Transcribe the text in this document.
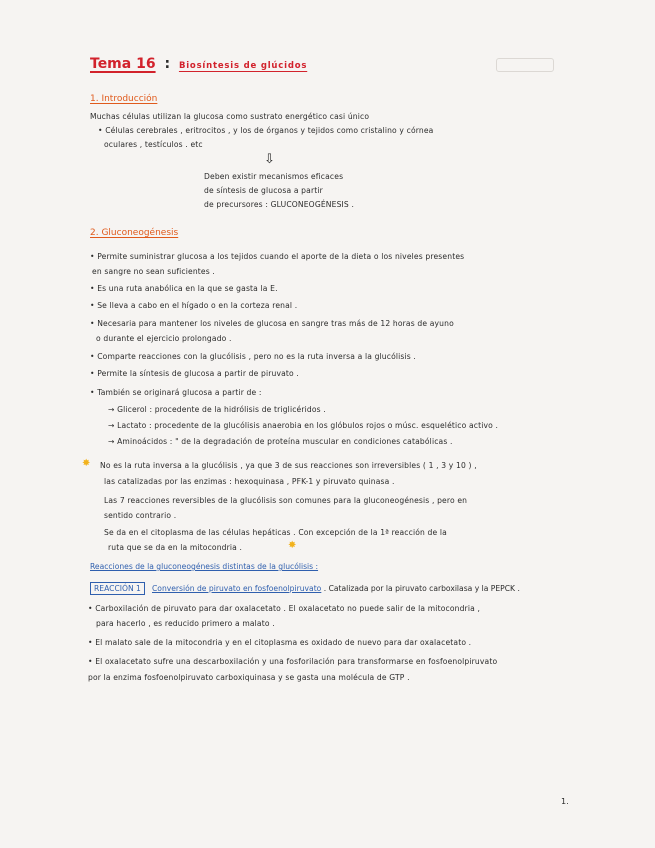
Tema 16 : Biosíntesis de glúcidos
1. Introducción
Muchas células utilizan la glucosa como sustrato energético casi único
• Células cerebrales , eritrocitos , y los de órganos y tejidos como cristalino y córnea
oculares , testículos . etc
⇩
Deben existir mecanismos eficaces
de síntesis de glucosa a partir
de precursores : GLUCONEOGÉNESIS .
2. Gluconeogénesis
• Permite suministrar glucosa a los tejidos cuando el aporte de la dieta o los niveles presentes
en sangre no sean suficientes .
• Es una ruta anabólica en la que se gasta la E.
• Se lleva a cabo en el hígado o en la corteza renal .
• Necesaria para mantener los niveles de glucosa en sangre tras más de 12 horas de ayuno
o durante el ejercicio prolongado .
• Comparte reacciones con la glucólisis , pero no es la ruta inversa a la glucólisis .
• Permite la síntesis de glucosa a partir de piruvato .
• También se originará glucosa a partir de :
→ Glicerol : procedente de la hidrólisis de triglicéridos .
→ Lactato : procedente de la glucólisis anaerobia en los glóbulos rojos o músc. esquelético activo .
→ Aminoácidos : " de la degradación de proteína muscular en condiciones catabólicas .
✸ No es la ruta inversa a la glucólisis , ya que 3 de sus reacciones son irreversibles ( 1 , 3 y 10 ) ,
las catalizadas por las enzimas : hexoquinasa , PFK-1 y piruvato quinasa .
Las 7 reacciones reversibles de la glucólisis son comunes para la gluconeogénesis , pero en
sentido contrario .
Se da en el citoplasma de las células hepáticas . Con excepción de la 1ª reacción de la
ruta que se da en la mitocondria .	✸
Reacciones de la gluconeogénesis distintas de la glucólisis :
REACCIÓN 1	Conversión de piruvato en fosfoenolpiruvato . Catalizada por la piruvato carboxilasa y la PEPCK .
• Carboxilación de piruvato para dar oxalacetato . El oxalacetato no puede salir de la mitocondria ,
para hacerlo , es reducido primero a malato .
• El malato sale de la mitocondria y en el citoplasma es oxidado de nuevo para dar oxalacetato .
• El oxalacetato sufre una descarboxilación y una fosforilación para transformarse en fosfoenolpiruvato
por la enzima fosfoenolpiruvato carboxiquinasa y se gasta una molécula de GTP .
1.
